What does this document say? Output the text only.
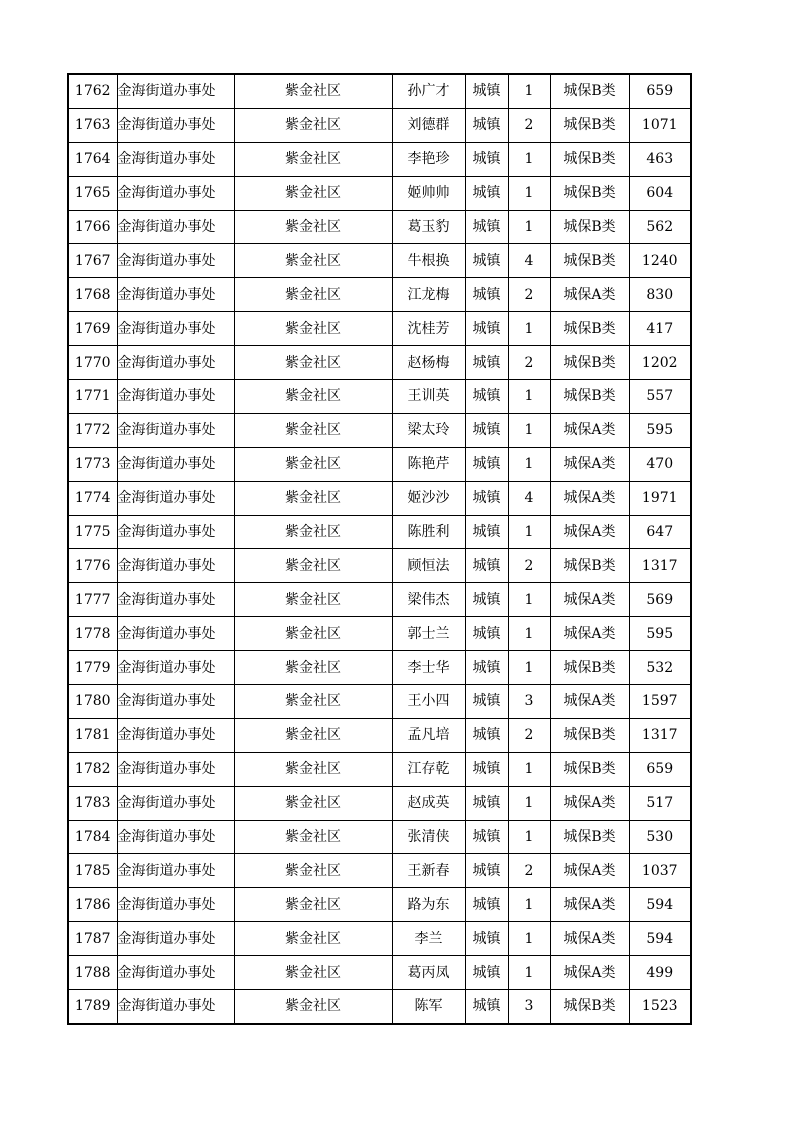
1762	金海街道办事处	紫金社区	孙广才	城镇	1	城保B类	659
1763	金海街道办事处	紫金社区	刘德群	城镇	2	城保B类	1071
1764	金海街道办事处	紫金社区	李艳珍	城镇	1	城保B类	463
1765	金海街道办事处	紫金社区	姬帅帅	城镇	1	城保B类	604
1766	金海街道办事处	紫金社区	葛玉豹	城镇	1	城保B类	562
1767	金海街道办事处	紫金社区	牛根换	城镇	4	城保B类	1240
1768	金海街道办事处	紫金社区	江龙梅	城镇	2	城保A类	830
1769	金海街道办事处	紫金社区	沈桂芳	城镇	1	城保B类	417
1770	金海街道办事处	紫金社区	赵杨梅	城镇	2	城保B类	1202
1771	金海街道办事处	紫金社区	王训英	城镇	1	城保B类	557
1772	金海街道办事处	紫金社区	梁太玲	城镇	1	城保A类	595
1773	金海街道办事处	紫金社区	陈艳芹	城镇	1	城保A类	470
1774	金海街道办事处	紫金社区	姬沙沙	城镇	4	城保A类	1971
1775	金海街道办事处	紫金社区	陈胜利	城镇	1	城保A类	647
1776	金海街道办事处	紫金社区	顾恒法	城镇	2	城保B类	1317
1777	金海街道办事处	紫金社区	梁伟杰	城镇	1	城保A类	569
1778	金海街道办事处	紫金社区	郭士兰	城镇	1	城保A类	595
1779	金海街道办事处	紫金社区	李士华	城镇	1	城保B类	532
1780	金海街道办事处	紫金社区	王小四	城镇	3	城保A类	1597
1781	金海街道办事处	紫金社区	孟凡培	城镇	2	城保B类	1317
1782	金海街道办事处	紫金社区	江存乾	城镇	1	城保B类	659
1783	金海街道办事处	紫金社区	赵成英	城镇	1	城保A类	517
1784	金海街道办事处	紫金社区	张清侠	城镇	1	城保B类	530
1785	金海街道办事处	紫金社区	王新春	城镇	2	城保A类	1037
1786	金海街道办事处	紫金社区	路为东	城镇	1	城保A类	594
1787	金海街道办事处	紫金社区	李兰	城镇	1	城保A类	594
1788	金海街道办事处	紫金社区	葛丙凤	城镇	1	城保A类	499
1789	金海街道办事处	紫金社区	陈军	城镇	3	城保B类	1523
